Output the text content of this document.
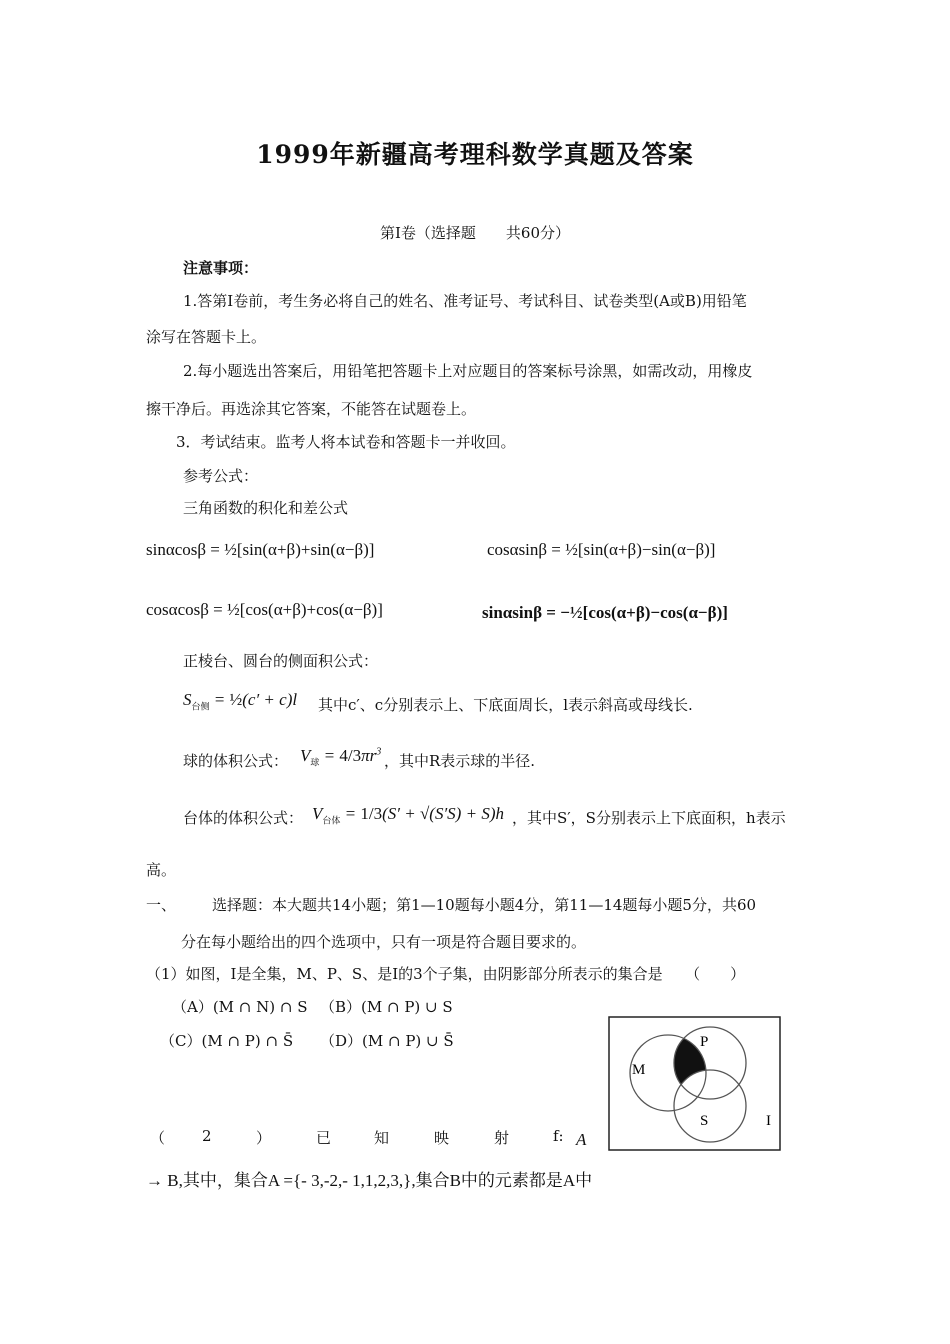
1999年新疆高考理科数学真题及答案
第Ⅰ卷（选择题　　共60分）
注意事项：
1.答第Ⅰ卷前，考生务必将自己的姓名、准考证号、考试科目、试卷类型(A或B)用铅笔
涂写在答题卡上。
2.每小题选出答案后，用铅笔把答题卡上对应题目的答案标号涂黑，如需改动，用橡皮
擦干净后。再选涂其它答案，不能答在试题卷上。
3．考试结束。监考人将本试卷和答题卡一并收回。
参考公式：
三角函数的积化和差公式
sinαcosβ = ½[sin(α+β)+sin(α−β)]	cosαsinβ = ½[sin(α+β)−sin(α−β)]
cosαcosβ = ½[cos(α+β)+cos(α−β)]	sinαsinβ = −½[cos(α+β)−cos(α−β)]
正棱台、圆台的侧面积公式：
$S_{台侧}$ = ½(c′ + c)l 其中c′、c分别表示上、下底面周长，l表示斜高或母线长.
球的体积公式： $V_球 = 4/3\pi r^3$
，其中R表示球的半径.
台体的体积公式： $V_{台体} = 1/3(S' + √(S'S) + S)h$ ，其中S′，S分别表示上下底面积，h表示
高。
一、 选择题：本大题共14小题；第1—10题每小题4分，第11—14题每小题5分，共60
分在每小题给出的四个选项中，只有一项是符合题目要求的。
（1）如图，I是全集，M、P、S、是I的3个子集，由阴影部分所表示的集合是　　（　　）
（A）(M ∩ N) ∩ S （B）(M ∩ P) ∪ S
（C）(M ∩ P) ∩ S̄ （D）(M ∩ P) ∪ S̄
M
P
S	I
（ 2	）	已	知	映	射	f: A
→ B,其中，集合A ={- 3,-2,- 1,1,2,3,},集合B中的元素都是A中
